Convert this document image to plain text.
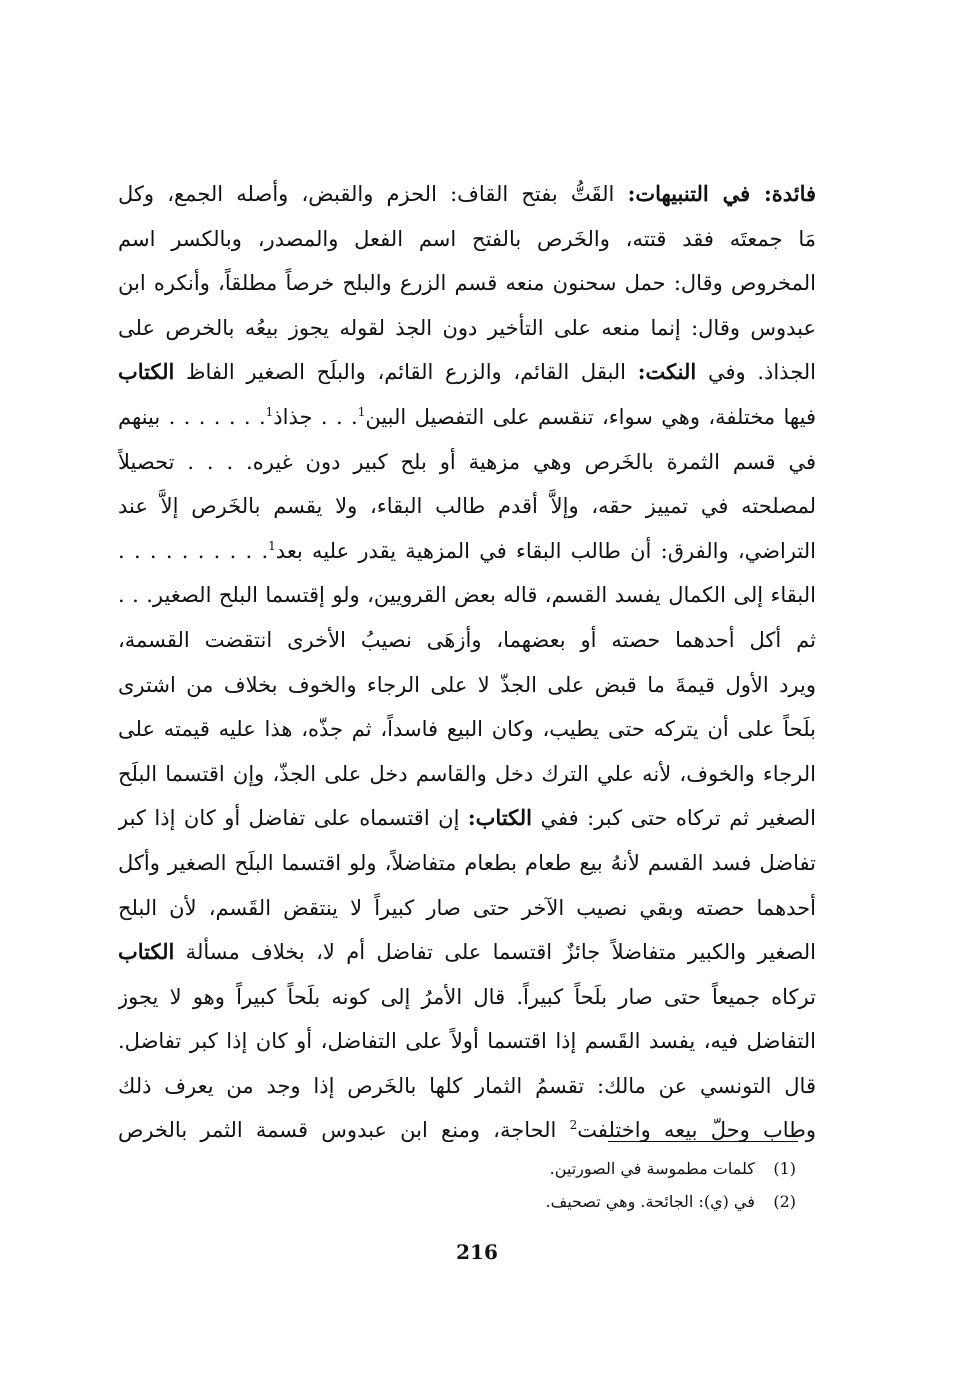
فائدة: في التنبيهات: القَتُّ بفتح القاف: الحزم والقبض، وأصله الجمع، وكل
مَا جمعتَه فقد قتته، والخَرص بالفتح اسم الفعل والمصدر، وبالكسر اسم
المخروص وقال: حمل سحنون منعه قسم الزرع والبلح خرصاً مطلقاً، وأنكره ابن
عبدوس وقال: إنما منعه على التأخير دون الجذ لقوله يجوز بيعُه بالخرص على
الجذاذ. وفي النكت: البقل القائم، والزرع القائم، والبلَح الصغير الفاظ الكتاب
فيها مختلفة، وهي سواء، تنقسم على التفصيل البين$^1$. . . جذاذ$^1$. . . . . . . بينهم
في قسم الثمرة بالخَرص وهي مزهية أو بلح كبير دون غيره. . . . تحصيلاً
لمصلحته في تمييز حقه، وإلاَّ أقدم طالب البقاء، ولا يقسم بالخَرص إلاَّ عند
التراضي، والفرق: أن طالب البقاء في المزهية يقدر عليه بعد$^1$. . . . . . . . . .
البقاء إلى الكمال يفسد القسم، قاله بعض القرويين، ولو إقتسما البلح الصغير. . .
ثم أكل أحدهما حصته أو بعضهما، وأزهَى نصيبُ الأخرى انتقضت القسمة،
ويرد الأول قيمةَ ما قبض على الجذّ لا على الرجاء والخوف بخلاف من اشترى
بلَحاً على أن يتركه حتى يطيب، وكان البيع فاسداً، ثم جذّه، هذا عليه قيمته على
الرجاء والخوف، لأنه علي الترك دخل والقاسم دخل على الجذّ، وإن اقتسما البلَح
الصغير ثم تركاه حتى كبر: ففي الكتاب: إن اقتسماه على تفاضل أو كان إذا كبر
تفاضل فسد القسم لأنهُ بيع طعام بطعام متفاضلاً، ولو اقتسما البلَح الصغير وأكل
أحدهما حصته وبقي نصيب الآخر حتى صار كبيراً لا ينتقض القَسم، لأن البلح
الصغير والكبير متفاضلاً جائزٌ اقتسما على تفاضل أم لا، بخلاف مسألة الكتاب
تركاه جميعاً حتى صار بلَحاً كبيراً. قال الأمرُ إلى كونه بلَحاً كبيراً وهو لا يجوز
التفاضل فيه، يفسد القَسم إذا اقتسما أولاً على التفاضل، أو كان إذا كبر تفاضل.
قال التونسي عن مالك: تقسمُ الثمار كلها بالخَرص إذا وجد من يعرف ذلك
وطاب وحلّ بيعه واختلفت$^2$ الحاجة، ومنع ابن عبدوس قسمة الثمر بالخرص
(1) كلمات مطموسة في الصورتين.
(2) في (ي): الجائحة. وهي تصحيف.
216
